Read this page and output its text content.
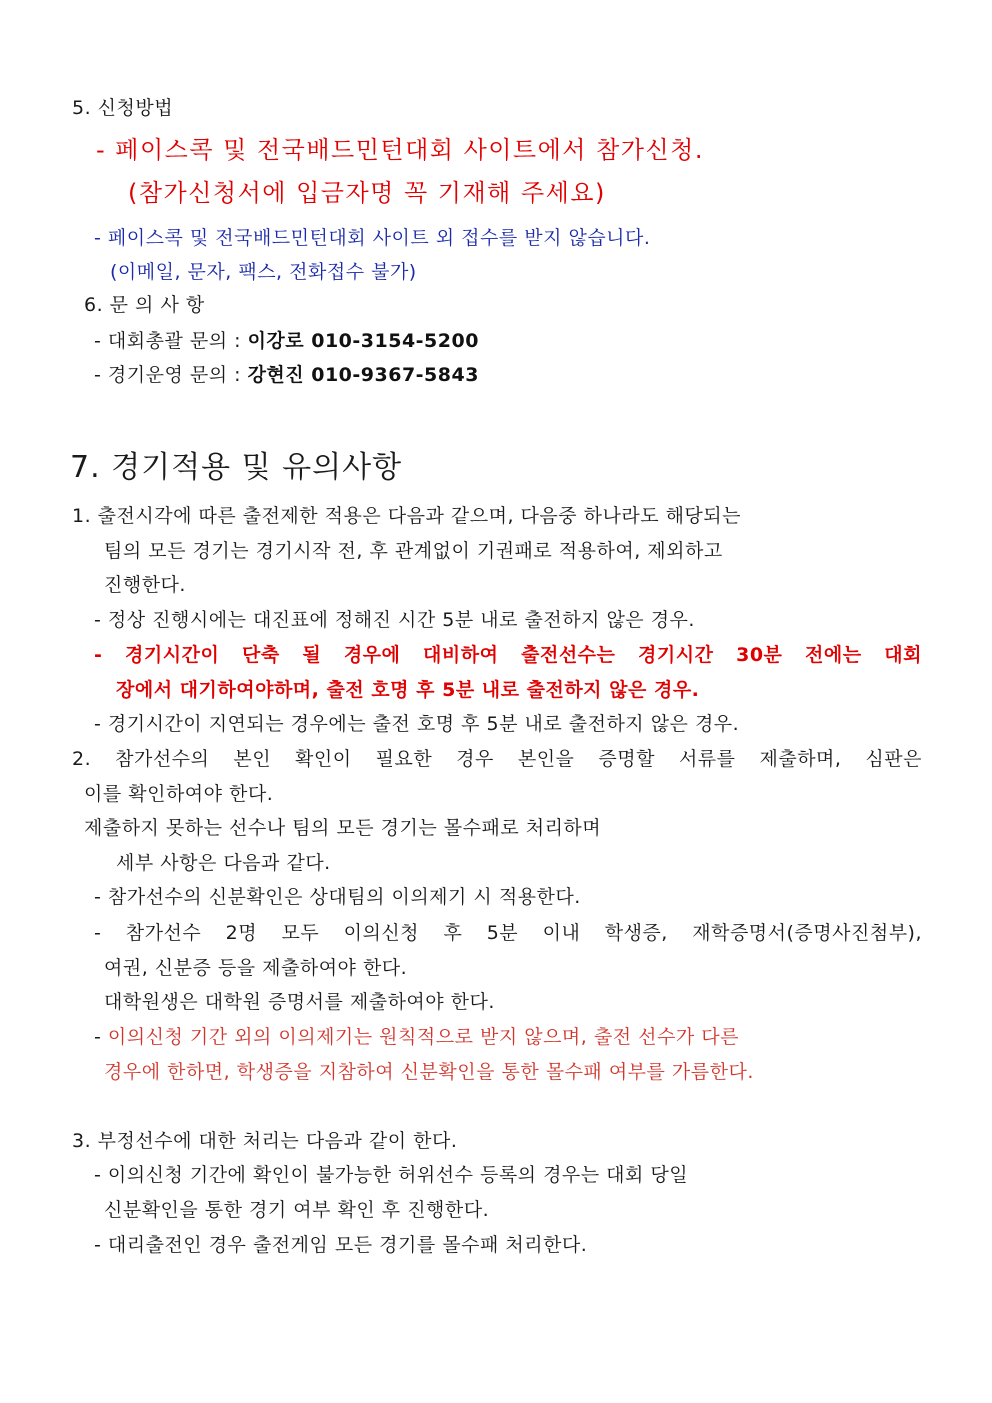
5. 신청방법
- 페이스콕 및 전국배드민턴대회 사이트에서 참가신청.
(참가신청서에 입금자명 꼭 기재해 주세요)
- 페이스콕 및 전국배드민턴대회 사이트 외 접수를 받지 않습니다.
(이메일, 문자, 팩스, 전화접수 불가)
6. 문 의 사 항
- 대회총괄 문의 : 이강로 010-3154-5200
- 경기운영 문의 : 강현진 010-9367-5843
7. 경기적용 및 유의사항
1. 출전시각에 따른 출전제한 적용은 다음과 같으며, 다음중 하나라도 해당되는
팀의 모든 경기는 경기시작 전, 후 관계없이 기권패로 적용하여, 제외하고
진행한다.
- 정상 진행시에는 대진표에 정해진 시간 5분 내로 출전하지 않은 경우.
- 경기시간이 단축 될 경우에 대비하여 출전선수는 경기시간 30분 전에는 대회
장에서 대기하여야하며, 출전 호명 후 5분 내로 출전하지 않은 경우.
- 경기시간이 지연되는 경우에는 출전 호명 후 5분 내로 출전하지 않은 경우.
2. 참가선수의 본인 확인이 필요한 경우 본인을 증명할 서류를 제출하며, 심판은
이를 확인하여야 한다.
제출하지 못하는 선수나 팀의 모든 경기는 몰수패로 처리하며
세부 사항은 다음과 같다.
- 참가선수의 신분확인은 상대팀의 이의제기 시 적용한다.
- 참가선수 2명 모두 이의신청 후 5분 이내 학생증, 재학증명서(증명사진첨부),
여권, 신분증 등을 제출하여야 한다.
대학원생은 대학원 증명서를 제출하여야 한다.
- 이의신청 기간 외의 이의제기는 원칙적으로 받지 않으며, 출전 선수가 다른
경우에 한하면, 학생증을 지참하여 신분확인을 통한 몰수패 여부를 가름한다.
3. 부정선수에 대한 처리는 다음과 같이 한다.
- 이의신청 기간에 확인이 불가능한 허위선수 등록의 경우는 대회 당일
신분확인을 통한 경기 여부 확인 후 진행한다.
- 대리출전인 경우 출전게임 모든 경기를 몰수패 처리한다.
